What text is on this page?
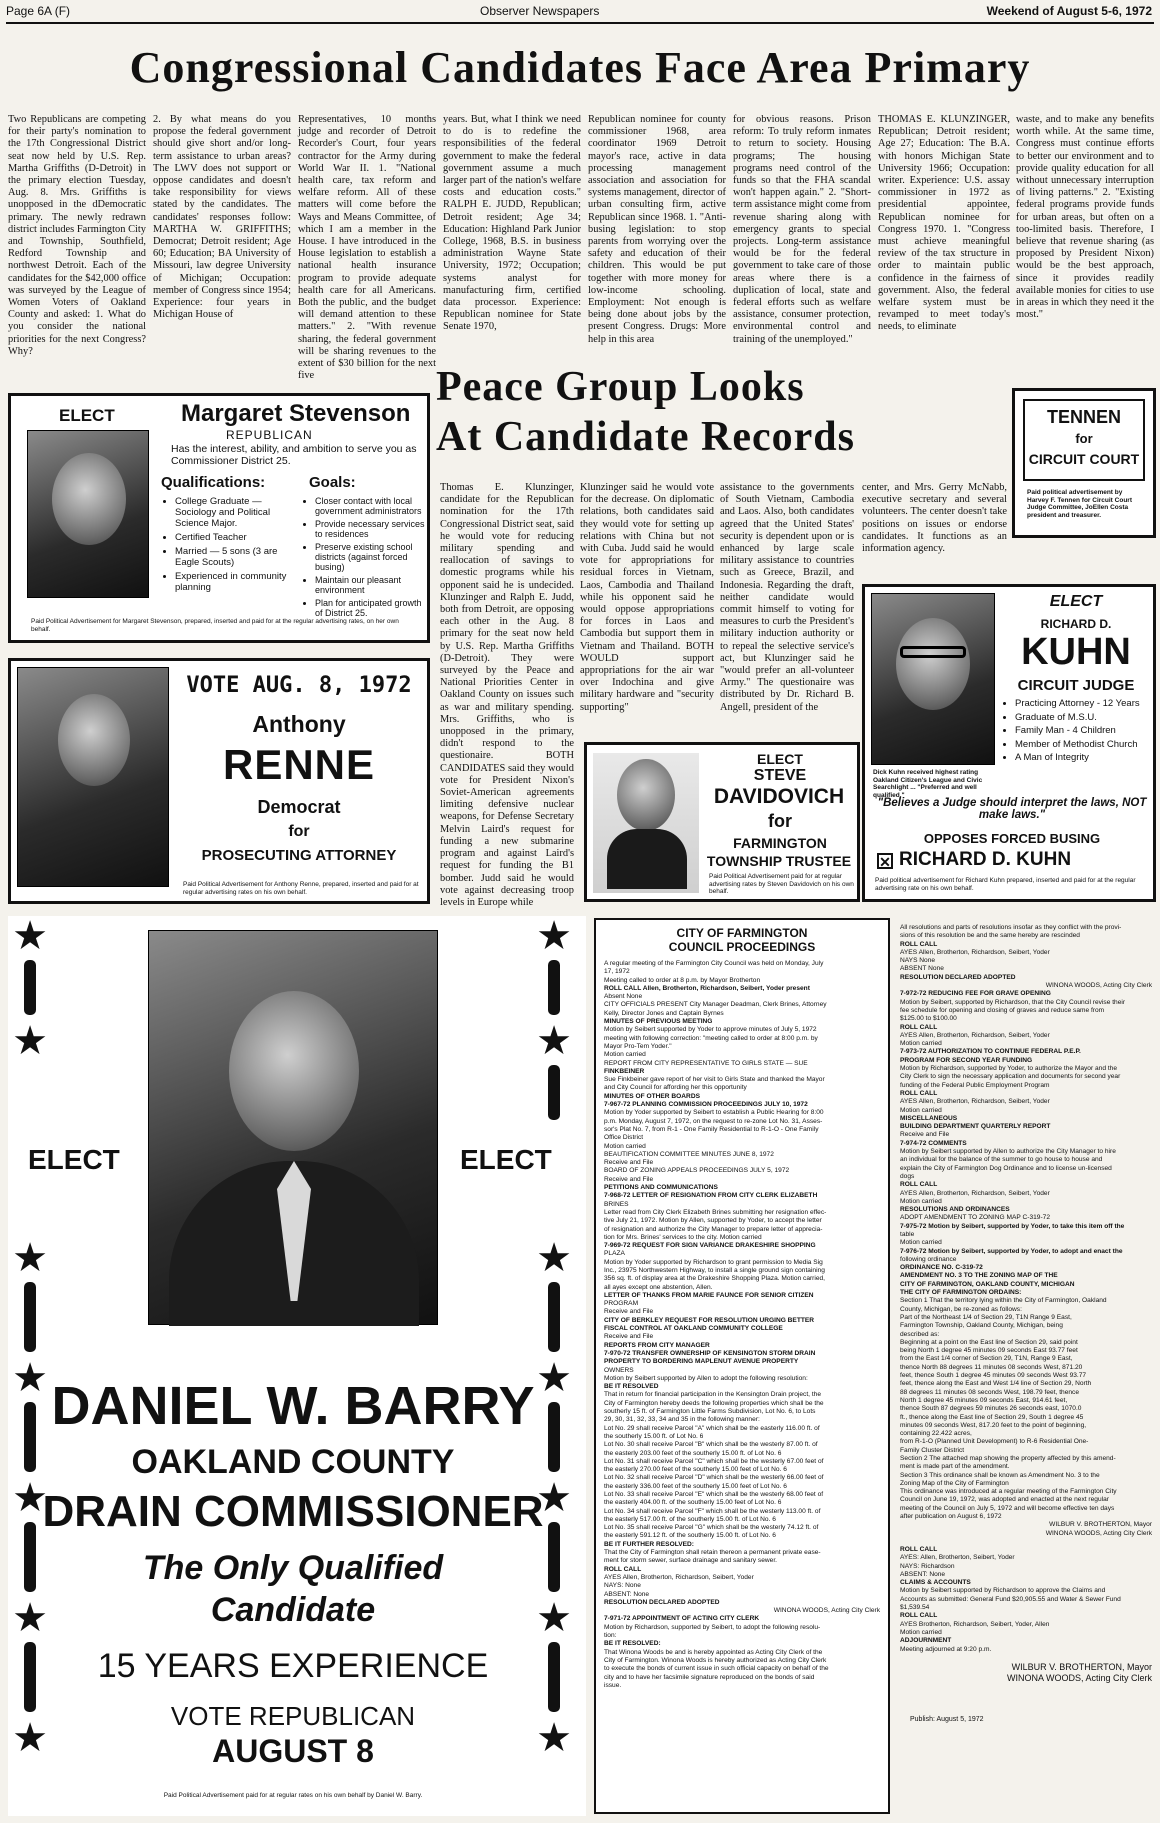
Page 6A (F)	Observer Newspapers	Weekend of August 5-6, 1972
Congressional Candidates Face Area Primary
Two Republicans are competing for their party's nomination to the 17th Congressional District seat now held by U.S. Rep. Martha Griffiths (D-Detroit) in the primary election Tuesday, Aug. 8. Mrs. Griffiths is unopposed in the dDemocratic primary. The newly redrawn district includes Farmington City and Township, Southfield, Redford Township and northwest Detroit. Each of the candidates for the $42,000 office was surveyed by the League of Women Voters of Oakland County and asked: 1. What do you consider the national priorities for the next Congress? Why?
2. By what means do you propose the federal government should give short and/or long-term assistance to urban areas? The LWV does not support or oppose candidates and doesn't take responsibility for views stated by the candidates. The candidates' responses follow: MARTHA W. GRIFFITHS; Democrat; Detroit resident; Age 60; Education; BA University of Missouri, law degree University of Michigan; Occupation: member of Congress since 1954; Experience: four years in Michigan House of
Representatives, 10 months judge and recorder of Detroit Recorder's Court, four years contractor for the Army during World War II. 1. "National health care, tax reform and welfare reform. All of these matters will come before the Ways and Means Committee, of which I am a member in the House. I have introduced in the House legislation to establish a national health insurance program to provide adequate health care for all Americans. Both the public, and the budget will demand attention to these matters." 2. "With revenue sharing, the federal government will be sharing revenues to the extent of $30 billion for the next five
years. But, what I think we need to do is to redefine the responsibilities of the federal government to make the federal government assume a much larger part of the nation's welfare costs and education costs." RALPH E. JUDD, Republican; Detroit resident; Age 34; Education: Highland Park Junior College, 1968, B.S. in business administration Wayne State University, 1972; Occupation; systems analyst for manufacturing firm, certified data processor. Experience: Republican nominee for State Senate 1970,
Republican nominee for county commissioner 1968, area coordinator 1969 Detroit mayor's race, active in data processing management association and association for systems management, director of urban consulting firm, active Republican since 1968. 1. "Anti-busing legislation: to stop parents from worrying over the safety and education of their children. This would be put together with more money for low-income schooling. Employment: Not enough is being done about jobs by the present Congress. Drugs: More help in this area
for obvious reasons. Prison reform: To truly reform inmates to return to society. Housing programs; The housing programs need control of the funds so that the FHA scandal won't happen again." 2. "Short-term assistance might come from revenue sharing along with emergency grants to special projects. Long-term assistance would be for the federal government to take care of those areas where there is a duplication of local, state and federal efforts such as welfare assistance, consumer protection, environmental control and training of the unemployed."
THOMAS E. KLUNZINGER, Republican; Detroit resident; Age 27; Education: The B.A. with honors Michigan State University 1966; Occupation: writer. Experience: U.S. assay commissioner in 1972 as presidential appointee, Republican nominee for Congress 1970. 1. "Congress must achieve meaningful review of the tax structure in order to maintain public confidence in the fairness of government. Also, the federal welfare system must be revamped to meet today's needs, to eliminate
waste, and to make any benefits worth while. At the same time, Congress must continue efforts to better our environment and to provide quality education for all without unnecessary interruption of living patterns." 2. "Existing federal programs provide funds for urban areas, but often on a too-limited basis. Therefore, I believe that revenue sharing (as proposed by President Nixon) would be the best approach, since it provides readily available monies for cities to use in areas in which they need it the most."
ELECT	Margaret Stevenson
REPUBLICAN
Has the interest, ability, and ambition to serve you as Commissioner District 25.
Qualifications:	Goals:
• College Graduate — Sociology and Political Science Major.
• Certified Teacher
• Married — 5 sons (3 are Eagle Scouts)
• Experienced in community planning
• Closer contact with local government administrators
• Provide necessary services to residences
• Preserve existing school districts (against forced busing)
• Maintain our pleasant environment
• Plan for anticipated growth of District 25.
Paid Political Advertisement for Margaret Stevenson, prepared, inserted and paid for at the regular advertising rates, on her own behalf.
Peace Group Looks
At Candidate Records	TENNEN
for
CIRCUIT COURT
Paid political advertisement by Harvey F. Tennen for Circuit Court Judge Committee, JoEllen Costa president and treasurer.
Thomas E. Klunzinger, candidate for the Republican nomination for the 17th Congressional District seat, said he would vote for reducing military spending and reallocation of savings to domestic programs while his opponent said he is undecided. Klunzinger and Ralph E. Judd, both from Detroit, are opposing each other in the Aug. 8 primary for the seat now held by U.S. Rep. Martha Griffiths (D-Detroit). They were surveyed by the Peace and National Priorities Center in Oakland County on issues such as war and military spending. Mrs. Griffiths, who is unopposed in the primary, didn't respond to the questionaire. BOTH CANDIDATES said they would vote for President Nixon's Soviet-American agreements limiting defensive nuclear weapons, for Defense Secretary Melvin Laird's request for funding a new submarine program and against Laird's request for funding the B1 bomber. Judd said he would vote against decreasing troop levels in Europe while
Klunzinger said he would vote for the decrease. On diplomatic relations, both candidates said they would vote for setting up relations with China but not with Cuba. Judd said he would vote for appropriations for residual forces in Vietnam, Laos, Cambodia and Thailand while his opponent said he would oppose appropriations for forces in Laos and Cambodia but support them in Vietnam and Thailand. BOTH WOULD support appropriations for the air war over Indochina and give military hardware and "security supporting"
assistance to the governments of South Vietnam, Cambodia and Laos. Also, both candidates agreed that the United States' security is dependent upon or is enhanced by large scale military assistance to countries such as Greece, Brazil, and Indonesia. Regarding the draft, neither candidate would commit himself to voting for measures to curb the President's military induction authority or to repeal the selective service's act, but Klunzinger said he "would prefer an all-volunteer Army." The questionaire was distributed by Dr. Richard B. Angell, president of the
center, and Mrs. Gerry McNabb, executive secretary and several volunteers. The center doesn't take positions on issues or endorse candidates. It functions as an information agency.
VOTE AUG. 8, 1972
Anthony
RENNE
Democrat
for
PROSECUTING ATTORNEY
Paid Political Advertisement for Anthony Renne, prepared, inserted and paid for at regular advertising rates on his own behalf.
ELECT
STEVE
DAVIDOVICH
for
FARMINGTON
TOWNSHIP TRUSTEE
Paid Political Advertisement paid for at regular advertising rates by Steven Davidovich on his own behalf.
ELECT
RICHARD D.
KUHN
CIRCUIT JUDGE
• Practicing Attorney - 12 Years
• Graduate of M.S.U.
• Family Man - 4 Children
• Member of Methodist Church
• A Man of Integrity
Dick Kuhn received highest rating Oakland Citizen's League and Civic Searchlight ... "Preferred and well qualified."
"Believes a Judge should interpret the laws, NOT make laws."
OPPOSES FORCED BUSING
✕ RICHARD D. KUHN
Paid political advertisement for Richard Kuhn prepared, inserted and paid for at the regular advertising rate on his own behalf.
★
★
★
★
★
★
★
★
★
★
★
★
★
★
ELECT	ELECT
DANIEL W. BARRY
OAKLAND COUNTY
DRAIN COMMISSIONER
The Only Qualified
Candidate
15 YEARS EXPERIENCE
VOTE REPUBLICAN
AUGUST 8
Paid Political Advertisement paid for at regular rates on his own behalf by Daniel W. Barry.
CITY OF FARMINGTON
COUNCIL PROCEEDINGS
A regular meeting of the Farmington City Council was held on Monday, July
17, 1972
Meeting called to order at 8 p.m. by Mayor Brotherton
ROLL CALL Allen, Brotherton, Richardson, Seibert, Yoder present
Absent None
CITY OFFICIALS PRESENT City Manager Deadman, Clerk Brines, Attorney
Kelly, Director Jones and Captain Byrnes
MINUTES OF PREVIOUS MEETING
Motion by Seibert supported by Yoder to approve minutes of July 5, 1972
meeting with following correction: "meeting called to order at 8:00 p.m. by
Mayor Pro-Tem Yoder."
Motion carried
REPORT FROM CITY REPRESENTATIVE TO GIRLS STATE — SUE
FINKBEINER
Sue Finkbeiner gave report of her visit to Girls State and thanked the Mayor
and City Council for affording her this opportunity
MINUTES OF OTHER BOARDS
7-967-72 PLANNING COMMISSION PROCEEDINGS JULY 10, 1972
Motion by Yoder supported by Seibert to establish a Public Hearing for 8:00
p.m. Monday, August 7, 1972, on the request to re-zone Lot No. 31, Asses-
sor's Plat No. 7, from R-1 - One Family Residential to R-1-O - One Family
Office District
Motion carried
BEAUTIFICATION COMMITTEE MINUTES JUNE 8, 1972
Receive and File
BOARD OF ZONING APPEALS PROCEEDINGS JULY 5, 1972
Receive and File
PETITIONS AND COMMUNICATIONS
7-968-72 LETTER OF RESIGNATION FROM CITY CLERK ELIZABETH
BRINES
Letter read from City Clerk Elizabeth Brines submitting her resignation effec-
tive July 21, 1972. Motion by Allen, supported by Yoder, to accept the letter
of resignation and authorize the City Manager to prepare letter of apprecia-
tion for Mrs. Brines' services to the city. Motion carried
7-969-72 REQUEST FOR SIGN VARIANCE DRAKESHIRE SHOPPING
PLAZA
Motion by Yoder supported by Richardson to grant permission to Media Sig
Inc., 23975 Northwestern Highway, to install a single ground sign containing
356 sq. ft. of display area at the Drakeshire Shopping Plaza. Motion carried,
all ayes except one abstention, Allen.
LETTER OF THANKS FROM MARIE FAUNCE FOR SENIOR CITIZEN
PROGRAM
Receive and File
CITY OF BERKLEY REQUEST FOR RESOLUTION URGING BETTER
FISCAL CONTROL AT OAKLAND COMMUNITY COLLEGE
Receive and File
REPORTS FROM CITY MANAGER
7-970-72 TRANSFER OWNERSHIP OF KENSINGTON STORM DRAIN
PROPERTY TO BORDERING MAPLENUT AVENUE PROPERTY
OWNERS
Motion by Seibert supported by Allen to adopt the following resolution:
BE IT RESOLVED
That in return for financial participation in the Kensington Drain project, the
City of Farmington hereby deeds the following properties which shall be the
southerly 15 ft. of Farmington Little Farms Subdivision, Lot No. 6, to Lots
29, 30, 31, 32, 33, 34 and 35 in the following manner:
Lot No. 29 shall receive Parcel "A" which shall be the easterly 116.00 ft. of
the southerly 15.00 ft. of Lot No. 6
Lot No. 30 shall receive Parcel "B" which shall be the westerly 87.00 ft. of
the easterly 203.00 feet of the southerly 15.00 ft. of Lot No. 6
Lot No. 31 shall receive Parcel "C" which shall be the westerly 67.00 feet of
the easterly 270.00 feet of the southerly 15.00 feet of Lot No. 6
Lot No. 32 shall receive Parcel "D" which shall be the westerly 66.00 feet of
the easterly 336.00 feet of the southerly 15.00 feet of Lot No. 6
Lot No. 33 shall receive Parcel "E" which shall be the westerly 68.00 feet of
the easterly 404.00 ft. of the southerly 15.00 feet of Lot No. 6
Lot No. 34 shall receive Parcel "F" which shall be the westerly 113.00 ft. of
the easterly 517.00 ft. of the southerly 15.00 ft. of Lot No. 6
Lot No. 35 shall receive Parcel "G" which shall be the westerly 74.12 ft. of
the easterly 591.12 ft. of the southerly 15.00 ft. of Lot No. 6
BE IT FURTHER RESOLVED:
That the City of Farmington shall retain thereon a permanent private ease-
ment for storm sewer, surface drainage and sanitary sewer.
ROLL CALL
AYES Allen, Brotherton, Richardson, Seibert, Yoder
NAYS: None
ABSENT: None
RESOLUTION DECLARED ADOPTED
WINONA WOODS, Acting City Clerk
7-971-72 APPOINTMENT OF ACTING CITY CLERK
Motion by Richardson, supported by Seibert, to adopt the following resolu-
tion:
BE IT RESOLVED:
That Winona Woods be and is hereby appointed as Acting City Clerk of the
City of Farmington. Winona Woods is hereby authorized as Acting City Clerk
to execute the bonds of current issue in such official capacity on behalf of the
city and to have her facsimile signature reproduced on the bonds of said
issue.
All resolutions and parts of resolutions insofar as they conflict with the provi-
sions of this resolution be and the same hereby are rescinded
ROLL CALL
AYES Allen, Brotherton, Richardson, Seibert, Yoder
NAYS None
ABSENT None
RESOLUTION DECLARED ADOPTED
WINONA WOODS, Acting City Clerk
7-972-72 REDUCING FEE FOR GRAVE OPENING
Motion by Seibert, supported by Richardson, that the City Council revise their
fee schedule for opening and closing of graves and reduce same from
$125.00 to $100.00
ROLL CALL
AYES Allen, Brotherton, Richardson, Seibert, Yoder
Motion carried
7-973-72 AUTHORIZATION TO CONTINUE FEDERAL P.E.P.
PROGRAM FOR SECOND YEAR FUNDING
Motion by Richardson, supported by Yoder, to authorize the Mayor and the
City Clerk to sign the necessary application and documents for second year
funding of the Federal Public Employment Program
ROLL CALL
AYES Allen, Brotherton, Richardson, Seibert, Yoder
Motion carried
MISCELLANEOUS
BUILDING DEPARTMENT QUARTERLY REPORT
Receive and File
7-974-72 COMMENTS
Motion by Seibert supported by Allen to authorize the City Manager to hire
an individual for the balance of the summer to go house to house and
explain the City of Farmington Dog Ordinance and to license un-licensed
dogs
ROLL CALL
AYES Allen, Brotherton, Richardson, Seibert, Yoder
Motion carried
RESOLUTIONS AND ORDINANCES
ADOPT AMENDMENT TO ZONING MAP C-319-72
7-975-72 Motion by Seibert, supported by Yoder, to take this item off the
table
Motion carried
7-976-72 Motion by Seibert, supported by Yoder, to adopt and enact the
following ordinance
ORDINANCE NO. C-319-72
AMENDMENT NO. 3 TO THE ZONING MAP OF THE
CITY OF FARMINGTON, OAKLAND COUNTY, MICHIGAN
THE CITY OF FARMINGTON ORDAINS:
Section 1 That the territory lying within the City of Farmington, Oakland
County, Michigan, be re-zoned as follows:
Part of the Northeast 1/4 of Section 29, T1N Range 9 East,
Farmington Township, Oakland County, Michigan, being
described as:
Beginning at a point on the East line of Section 29, said point
being North 1 degree 45 minutes 09 seconds East 93.77 feet
from the East 1/4 corner of Section 29, T1N, Range 9 East,
thence North 88 degrees 11 minutes 08 seconds West, 871.20
feet, thence South 1 degree 45 minutes 09 seconds West 93.77
feet, thence along the East and West 1/4 line of Section 29, North
88 degrees 11 minutes 08 seconds West, 198.79 feet, thence
North 1 degree 45 minutes 09 seconds East, 914.61 feet,
thence South 87 degrees 59 minutes 26 seconds east, 1070.0
ft., thence along the East line of Section 29, South 1 degree 45
minutes 09 seconds West, 817.20 feet to the point of beginning,
containing 22.422 acres,
from R-1-O (Planned Unit Development) to R-6 Residential One-
Family Cluster District
Section 2 The attached map showing the property affected by this amend-
ment is made part of the amendment.
Section 3 This ordinance shall be known as Amendment No. 3 to the
Zoning Map of the City of Farmington
This ordinance was introduced at a regular meeting of the Farmington City
Council on June 19, 1972, was adopted and enacted at the next regular
meeting of the Council on July 5, 1972 and will become effective ten days
after publication on August 6, 1972
WILBUR V. BROTHERTON, Mayor
WINONA WOODS, Acting City Clerk
ROLL CALL
AYES: Allen, Brotherton, Seibert, Yoder
NAYS: Richardson
ABSENT: None
CLAIMS & ACCOUNTS
Motion by Seibert supported by Richardson to approve the Claims and
Accounts as submitted: General Fund $20,905.55 and Water & Sewer Fund
$1,539.54
ROLL CALL
AYES Brotherton, Richardson, Seibert, Yoder, Allen
Motion carried
ADJOURNMENT
Meeting adjourned at 9:20 p.m.
WILBUR V. BROTHERTON, Mayor
WINONA WOODS, Acting City Clerk
Publish: August 5, 1972
